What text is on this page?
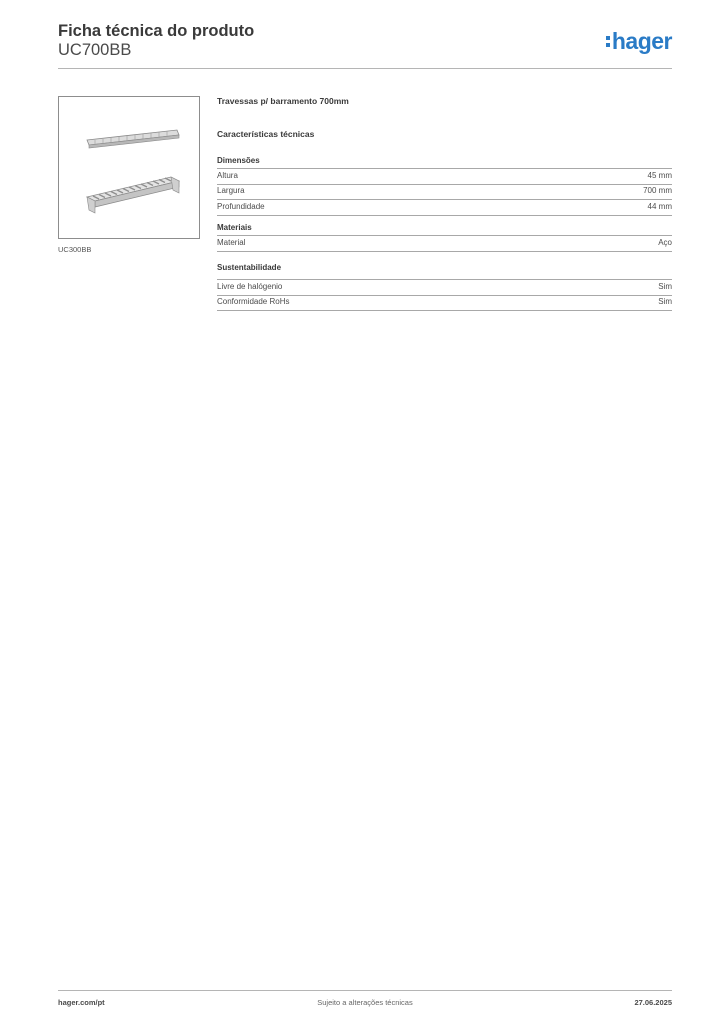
Ficha técnica do produto
UC700BB	hager
UC300BB
Travessas p/ barramento 700mm
Características técnicas
Dimensões
Altura	45 mm
Largura	700 mm
Profundidade	44 mm
Materiais
Material	Aço
Sustentabilidade
Livre de halógenio	Sim
Conformidade RoHs	Sim
hager.com/pt	Sujeito a alterações técnicas	27.06.2025
